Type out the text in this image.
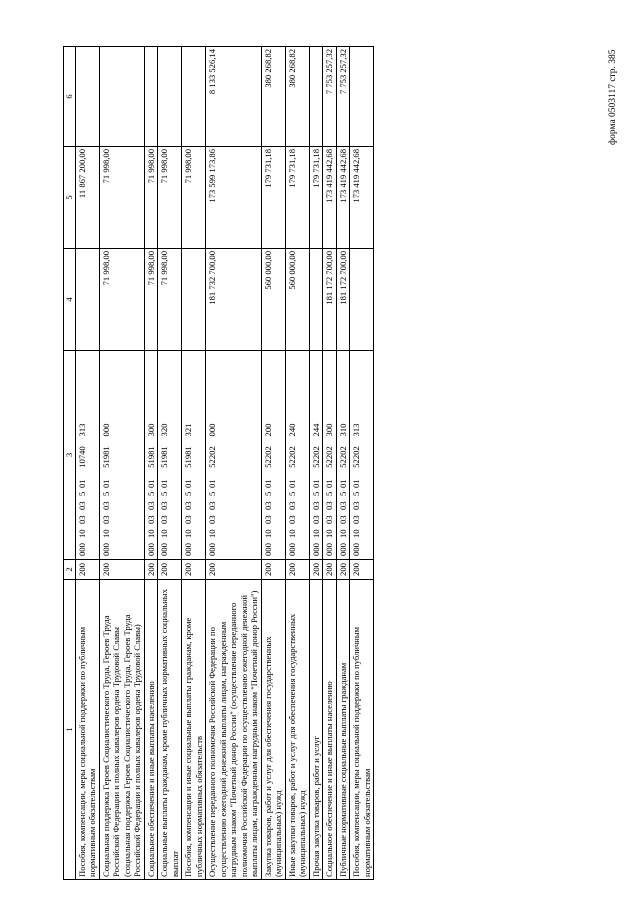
форма 0503117 стр. 385
1	2	3	4	5	6
Пособия, компенсации, меры социальной поддержки по публичным нормативным обязательствам	200	00010030350110740313		11 867 200,00	
Социальная поддержка Героев Социалистического Труда, Героев Труда Российской Федерации и полных кавалеров ордена Трудовой Славы (социальная поддержка Героев Социалистического Труда, Героев Труда Российской Федерации и полных кавалеров ордена Трудовой Славы)	200	00010030350151981000	71 998,00	71 998,00	
Социальное обеспечение и иные выплаты населению	200	00010030350151981300	71 998,00	71 998,00	
Социальные выплаты гражданам, кроме публичных нормативных социальных выплат	200	00010030350151981320	71 998,00	71 998,00	
Пособия, компенсации и иные социальные выплаты гражданам, кроме публичных нормативных обязательств	200	00010030350151981321		71 998,00	
Осуществление переданного полномочия Российской Федерации по осуществлению ежегодной денежной выплаты лицам, награжденным нагрудным знаком "Почетный донор России" (осуществление переданного полномочия Российской Федерации по осуществлению ежегодной денежной выплаты лицам, награжденным нагрудным знаком "Почетный донор России")	200	00010030350152202000	181 732 700,00	173 599 173,86	8 133 526,14
Закупка товаров, работ и услуг для обеспечения государственных (муниципальных) нужд	200	00010030350152202200	560 000,00	179 731,18	380 268,82
Иные закупки товаров, работ и услуг для обеспечения государственных (муниципальных) нужд	200	00010030350152202240	560 000,00	179 731,18	380 268,82
Прочая закупка товаров, работ и услуг	200	00010030350152202244		179 731,18	
Социальное обеспечение и иные выплаты населению	200	00010030350152202300	181 172 700,00	173 419 442,68	7 753 257,32
Публичные нормативные социальные выплаты гражданам	200	00010030350152202310	181 172 700,00	173 419 442,68	7 753 257,32
Пособия, компенсации, меры социальной поддержки по публичным нормативным обязательствам	200	00010030350152202313		173 419 442,68	
